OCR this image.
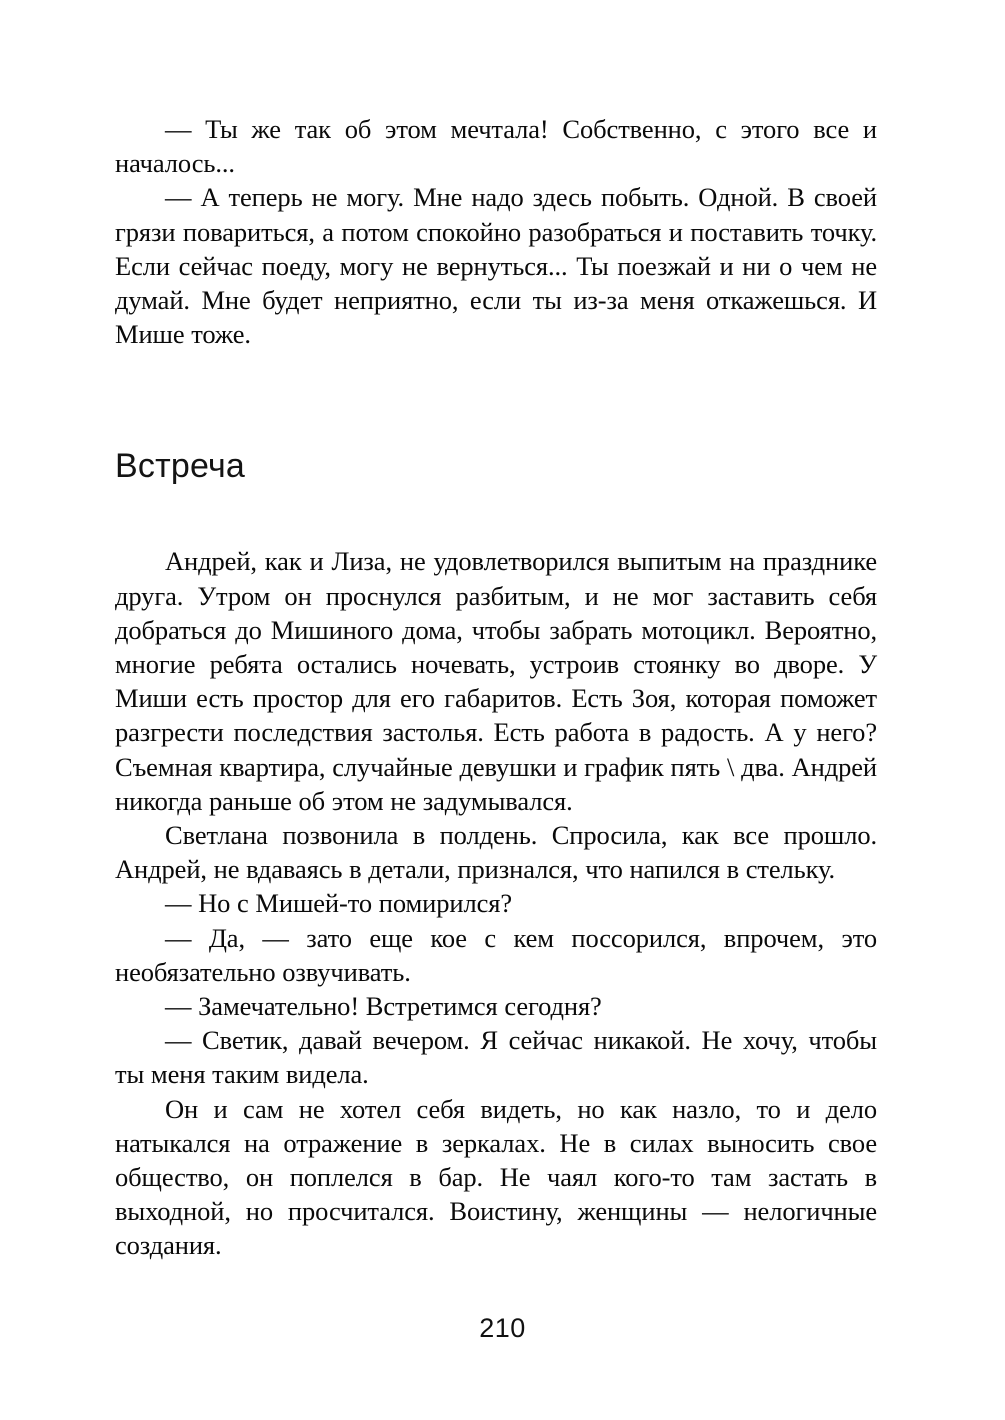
— Ты же так об этом мечтала! Собственно, с этого все и началось...

— А теперь не могу. Мне надо здесь побыть. Одной. В своей грязи повариться, а потом спокойно разобраться и поставить точку. Если сейчас поеду, могу не вернуться... Ты поезжай и ни о чем не думай. Мне будет неприятно, если ты из-за меня откажешься. И Мише тоже.

Встреча

Андрей, как и Лиза, не удовлетворился выпитым на празднике друга. Утром он проснулся разбитым, и не мог заставить себя добраться до Мишиного дома, чтобы забрать мотоцикл. Вероятно, многие ребята остались ночевать, устроив стоянку во дворе. У Миши есть простор для его габаритов. Есть Зоя, которая поможет разгрести последствия застолья. Есть работа в радость. А у него? Съемная квартира, случайные девушки и график пять \ два. Андрей никогда раньше об этом не задумывался.

Светлана позвонила в полдень. Спросила, как все прошло. Андрей, не вдаваясь в детали, признался, что напился в стельку.

— Но с Мишей-то помирился?

— Да, — зато еще кое с кем поссорился, впрочем, это необязательно озвучивать.

— Замечательно! Встретимся сегодня?

— Светик, давай вечером. Я сейчас никакой. Не хочу, чтобы ты меня таким видела.

Он и сам не хотел себя видеть, но как назло, то и дело натыкался на отражение в зеркалах. Не в силах выносить свое общество, он поплелся в бар. Не чаял кого-то там застать в выходной, но просчитался. Воистину, женщины — нелогичные создания.

210
